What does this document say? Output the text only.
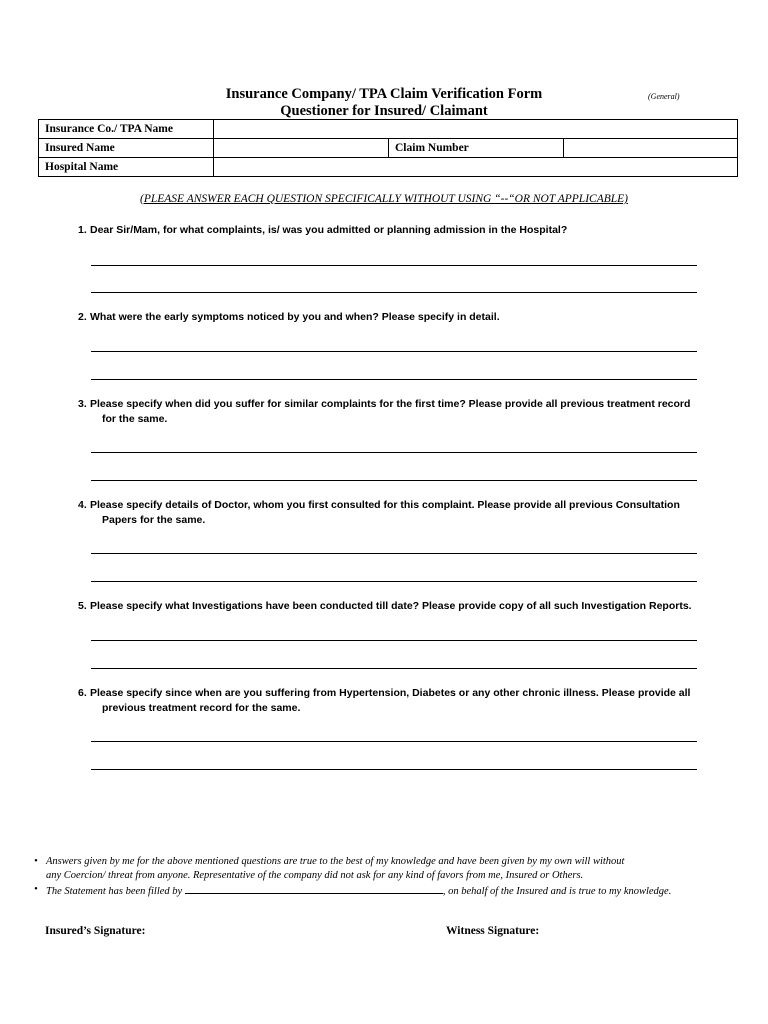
Insurance Company/ TPA Claim Verification Form	(General)
Questioner for Insured/ Claimant
Insurance Co./ TPA Name			
Insured Name		Claim Number	
Hospital Name			
(PLEASE ANSWER EACH QUESTION SPECIFICALLY WITHOUT USING “--“OR NOT APPLICABLE)
1. Dear Sir/Mam, for what complaints, is/ was you admitted or planning admission in the Hospital?
2. What were the early symptoms noticed by you and when? Please specify in detail.
3. Please specify when did you suffer for similar complaints for the first time? Please provide all previous treatment record
for the same.
4. Please specify details of Doctor, whom you first consulted for this complaint. Please provide all previous Consultation
Papers for the same.
5. Please specify what Investigations have been conducted till date? Please provide copy of all such Investigation Reports.
6. Please specify since when are you suffering from Hypertension, Diabetes or any other chronic illness. Please provide all
previous treatment record for the same.
• Answers given by me for the above mentioned questions are true to the best of my knowledge and have been given by my own will without
any Coercion/ threat from anyone. Representative of the company did not ask for any kind of favors from me, Insured or Others.
• The Statement has been filled by	, on behalf of the Insured and is true to my knowledge.
Insured’s Signature:	Witness Signature:
